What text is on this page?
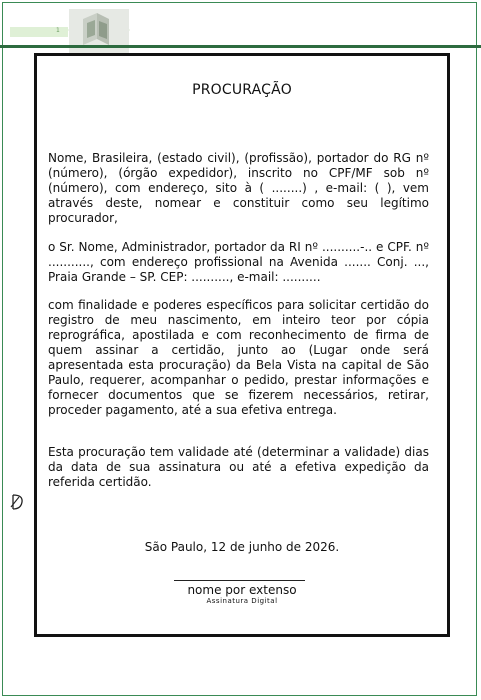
1
PROCURAÇÃO

Nome, Brasileira, (estado civil), (profissão), portador do RG nº (número), (órgão expedidor), inscrito no CPF/MF sob nº (número), com endereço, sito à ( ........) , e-mail: ( ), vem através deste, nomear e constituir como seu legítimo procurador,

o Sr. Nome, Administrador, portador da RI nº ..........-.. e CPF. nº ..........., com endereço profissional na Avenida ....... Conj. ..., Praia Grande – SP. CEP: .........., e-mail: ..........

com finalidade e poderes específicos para solicitar certidão do registro de meu nascimento, em inteiro teor por cópia reprográfica, apostilada e com reconhecimento de firma de quem assinar a certidão, junto ao (Lugar onde será apresentada esta procuração) da Bela Vista na capital de São Paulo, requerer, acompanhar o pedido, prestar informações e fornecer documentos que se fizerem necessários, retirar, proceder pagamento, até a sua efetiva entrega.

Esta procuração tem validade até (determinar a validade) dias da data de sua assinatura ou até a efetiva expedição da referida certidão.

São Paulo, 12 de junho de 2026.
nome por extenso
Assinatura Digital
